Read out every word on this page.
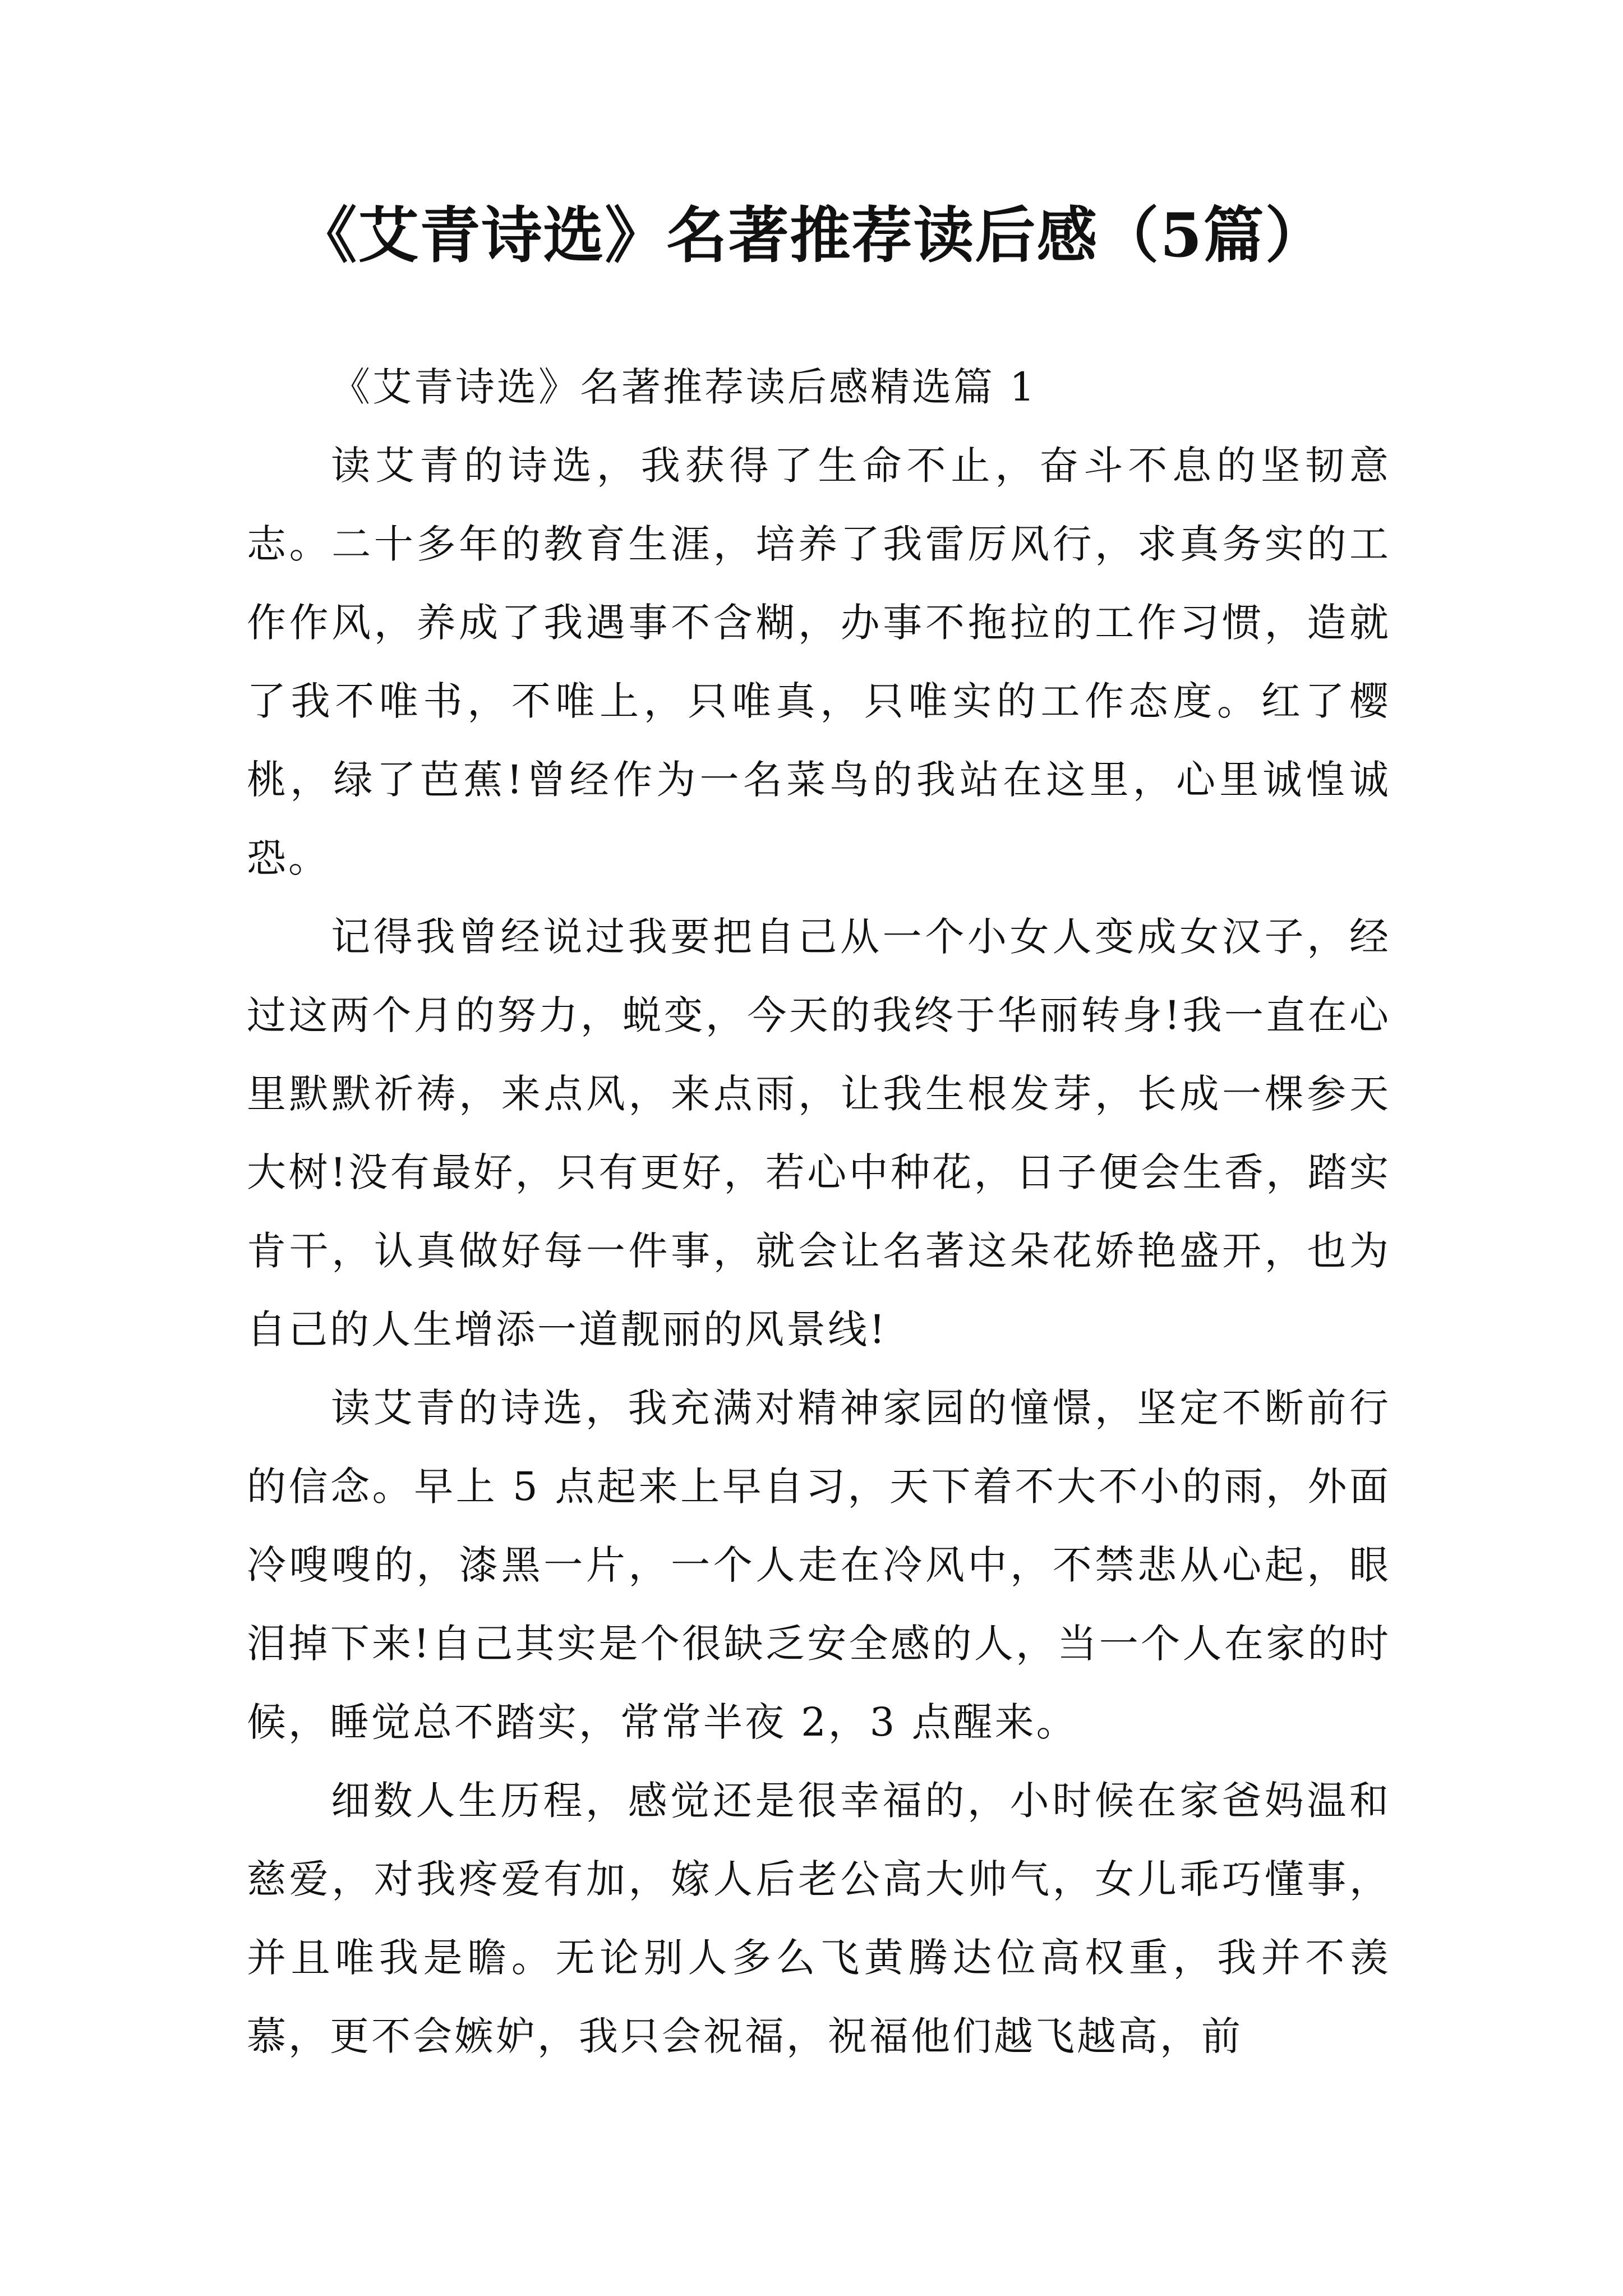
《艾青诗选》名著推荐读后感（5篇）

《艾青诗选》名著推荐读后感精选篇 1

读艾青的诗选，我获得了生命不止，奋斗不息的坚韧意志。二十多年的教育生涯，培养了我雷厉风行，求真务实的工作作风，养成了我遇事不含糊，办事不拖拉的工作习惯，造就了我不唯书，不唯上，只唯真，只唯实的工作态度。红了樱桃，绿了芭蕉!曾经作为一名菜鸟的我站在这里，心里诚惶诚恐。

记得我曾经说过我要把自己从一个小女人变成女汉子，经过这两个月的努力，蜕变，今天的我终于华丽转身!我一直在心里默默祈祷，来点风，来点雨，让我生根发芽，长成一棵参天大树!没有最好，只有更好，若心中种花，日子便会生香，踏实肯干，认真做好每一件事，就会让名著这朵花娇艳盛开，也为自己的人生增添一道靓丽的风景线!

读艾青的诗选，我充满对精神家园的憧憬，坚定不断前行的信念。早上 5 点起来上早自习，天下着不大不小的雨，外面冷嗖嗖的，漆黑一片，一个人走在冷风中，不禁悲从心起，眼泪掉下来!自己其实是个很缺乏安全感的人，当一个人在家的时候，睡觉总不踏实，常常半夜 2，3 点醒来。

细数人生历程，感觉还是很幸福的，小时候在家爸妈温和慈爱，对我疼爱有加，嫁人后老公高大帅气，女儿乖巧懂事，并且唯我是瞻。无论别人多么飞黄腾达位高权重，我并不羡慕，更不会嫉妒，我只会祝福，祝福他们越飞越高，前
